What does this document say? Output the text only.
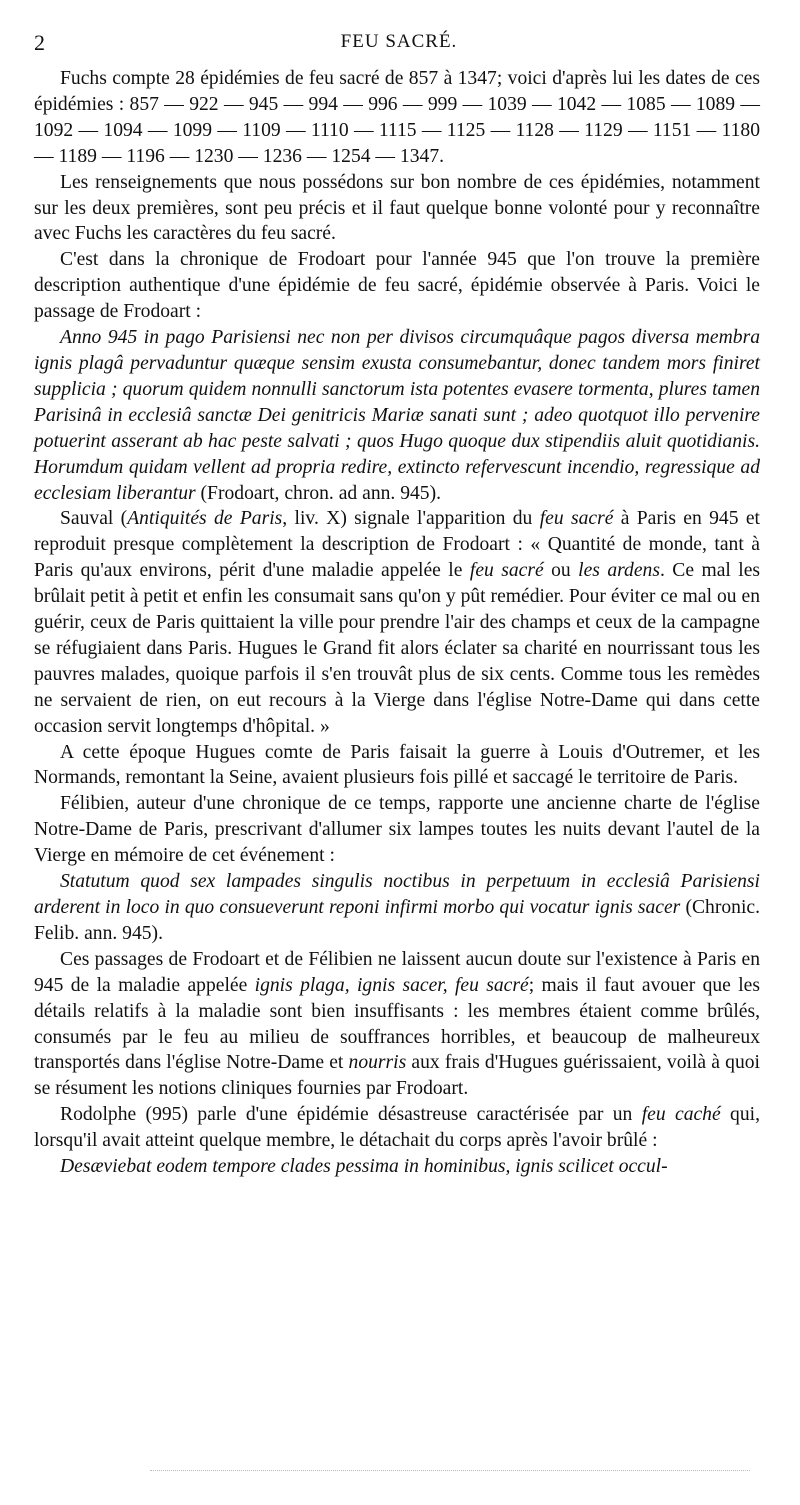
2	FEU SACRÉ.

Fuchs compte 28 épidémies de feu sacré de 857 à 1347; voici d'après lui les dates de ces épidémies : 857 — 922 — 945 — 994 — 996 — 999 — 1039 — 1042 — 1085 — 1089 — 1092 — 1094 — 1099 — 1109 — 1110 — 1115 — 1125 — 1128 — 1129 — 1151 — 1180 — 1189 — 1196 — 1230 — 1236 — 1254 — 1347.

Les renseignements que nous possédons sur bon nombre de ces épidémies, notamment sur les deux premières, sont peu précis et il faut quelque bonne volonté pour y reconnaître avec Fuchs les caractères du feu sacré.

C'est dans la chronique de Frodoart pour l'année 945 que l'on trouve la première description authentique d'une épidémie de feu sacré, épidémie observée à Paris. Voici le passage de Frodoart :

Anno 945 in pago Parisiensi nec non per divisos circumquâque pagos diversa membra ignis plagâ pervaduntur quæque sensim exusta consumebantur, donec tandem mors finiret supplicia ; quorum quidem nonnulli sanctorum ista potentes evasere tormenta, plures tamen Parisinâ in ecclesiâ sanctæ Dei genitricis Mariæ sanati sunt ; adeo quotquot illo pervenire potuerint asserant ab hac peste salvati ; quos Hugo quoque dux stipendiis aluit quotidianis. Horumdum quidam vellent ad propria redire, extincto refervescunt incendio, regressique ad ecclesiam liberantur (Frodoart, chron. ad ann. 945).

Sauval (Antiquités de Paris, liv. X) signale l'apparition du feu sacré à Paris en 945 et reproduit presque complètement la description de Frodoart : « Quantité de monde, tant à Paris qu'aux environs, périt d'une maladie appelée le feu sacré ou les ardens. Ce mal les brûlait petit à petit et enfin les consumait sans qu'on y pût remédier. Pour éviter ce mal ou en guérir, ceux de Paris quittaient la ville pour prendre l'air des champs et ceux de la campagne se réfugiaient dans Paris. Hugues le Grand fit alors éclater sa charité en nourrissant tous les pauvres malades, quoique parfois il s'en trouvât plus de six cents. Comme tous les remèdes ne servaient de rien, on eut recours à la Vierge dans l'église Notre-Dame qui dans cette occasion servit longtemps d'hôpital. »

A cette époque Hugues comte de Paris faisait la guerre à Louis d'Outremer, et les Normands, remontant la Seine, avaient plusieurs fois pillé et saccagé le territoire de Paris.

Félibien, auteur d'une chronique de ce temps, rapporte une ancienne charte de l'église Notre-Dame de Paris, prescrivant d'allumer six lampes toutes les nuits devant l'autel de la Vierge en mémoire de cet événement :

Statutum quod sex lampades singulis noctibus in perpetuum in ecclesiâ Parisiensi arderent in loco in quo consueverunt reponi infirmi morbo qui vocatur ignis sacer (Chronic. Felib. ann. 945).

Ces passages de Frodoart et de Félibien ne laissent aucun doute sur l'existence à Paris en 945 de la maladie appelée ignis plaga, ignis sacer, feu sacré; mais il faut avouer que les détails relatifs à la maladie sont bien insuffisants : les membres étaient comme brûlés, consumés par le feu au milieu de souffrances horribles, et beaucoup de malheureux transportés dans l'église Notre-Dame et nourris aux frais d'Hugues guérissaient, voilà à quoi se résument les notions cliniques fournies par Frodoart.

Rodolphe (995) parle d'une épidémie désastreuse caractérisée par un feu caché qui, lorsqu'il avait atteint quelque membre, le détachait du corps après l'avoir brûlé :

Desæviebat eodem tempore clades pessima in hominibus, ignis scilicet occul-
